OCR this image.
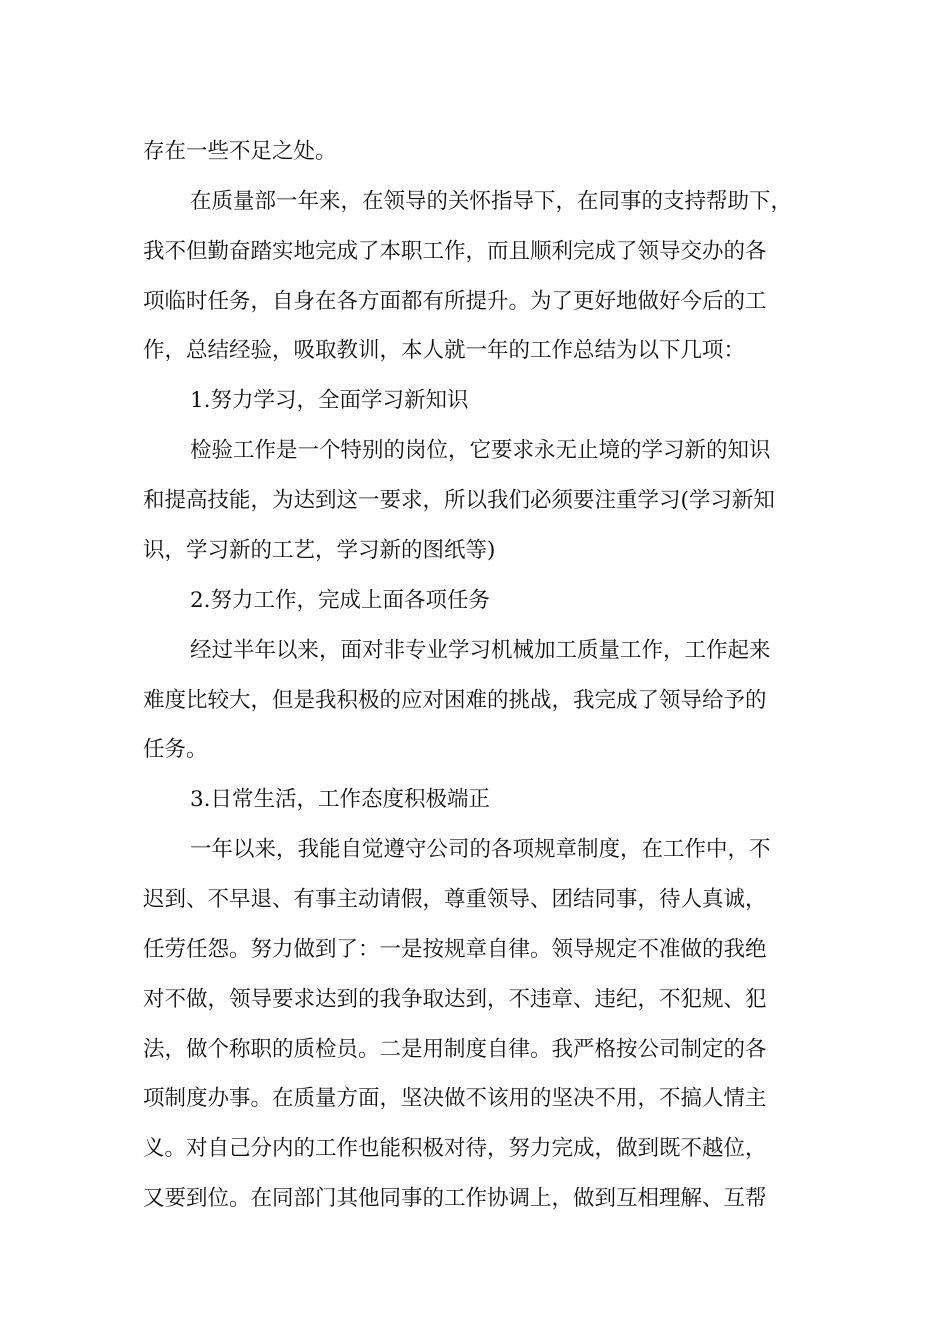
存在一些不足之处。
在质量部一年来，在领导的关怀指导下，在同事的支持帮助下，
我不但勤奋踏实地完成了本职工作，而且顺利完成了领导交办的各
项临时任务，自身在各方面都有所提升。为了更好地做好今后的工
作，总结经验，吸取教训，本人就一年的工作总结为以下几项：
1.努力学习，全面学习新知识
检验工作是一个特别的岗位，它要求永无止境的学习新的知识
和提高技能，为达到这一要求，所以我们必须要注重学习(学习新知
识，学习新的工艺，学习新的图纸等)
2.努力工作，完成上面各项任务
经过半年以来，面对非专业学习机械加工质量工作，工作起来
难度比较大，但是我积极的应对困难的挑战，我完成了领导给予的
任务。
3.日常生活，工作态度积极端正
一年以来，我能自觉遵守公司的各项规章制度，在工作中，不
迟到、不早退、有事主动请假，尊重领导、团结同事，待人真诚，
任劳任怨。努力做到了：一是按规章自律。领导规定不准做的我绝
对不做，领导要求达到的我争取达到，不违章、违纪，不犯规、犯
法，做个称职的质检员。二是用制度自律。我严格按公司制定的各
项制度办事。在质量方面，坚决做不该用的坚决不用，不搞人情主
义。对自己分内的工作也能积极对待，努力完成，做到既不越位，
又要到位。在同部门其他同事的工作协调上，做到互相理解、互帮
